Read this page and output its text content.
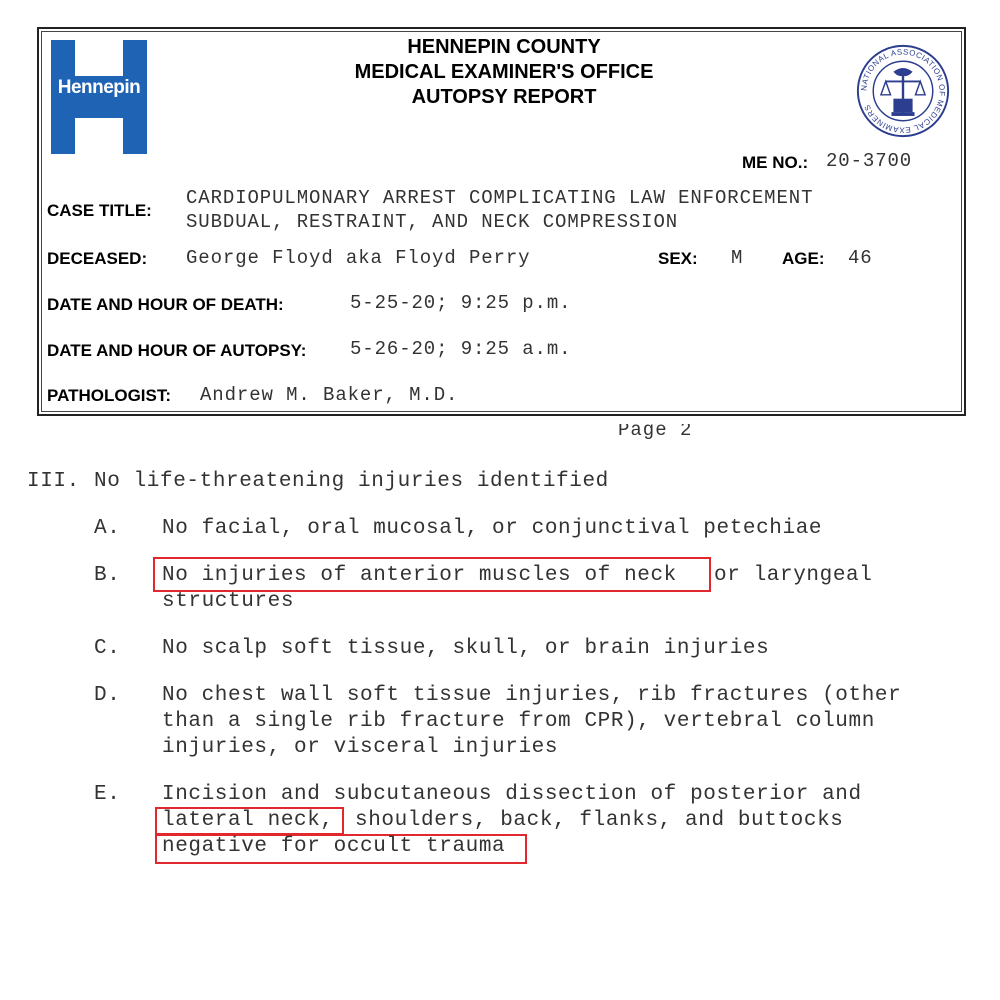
Hennepin
HENNEPIN COUNTY
MEDICAL EXAMINER'S OFFICE
AUTOPSY REPORT	NATIONAL ASSOCIATION OF MEDICAL EXAMINERS
ME NO.: 20-3700
CASE TITLE:
CARDIOPULMONARY ARREST COMPLICATING LAW ENFORCEMENT
SUBDUAL, RESTRAINT, AND NECK COMPRESSION
DECEASED: George Floyd aka Floyd Perry	SEX: M AGE: 46
DATE AND HOUR OF DEATH:	5-25-20; 9:25 p.m.
DATE AND HOUR OF AUTOPSY: 5-26-20; 9:25 a.m.
PATHOLOGIST: Andrew M. Baker, M.D.
Page 2
III. No life-threatening injuries identified
A. No facial, oral mucosal, or conjunctival petechiae
B. No injuries of anterior muscles of neck or laryngeal
structures
C. No scalp soft tissue, skull, or brain injuries
D. No chest wall soft tissue injuries, rib fractures (other
than a single rib fracture from CPR), vertebral column
injuries, or visceral injuries
E. Incision and subcutaneous dissection of posterior and
lateral neck, shoulders, back, flanks, and buttocks
negative for occult trauma
